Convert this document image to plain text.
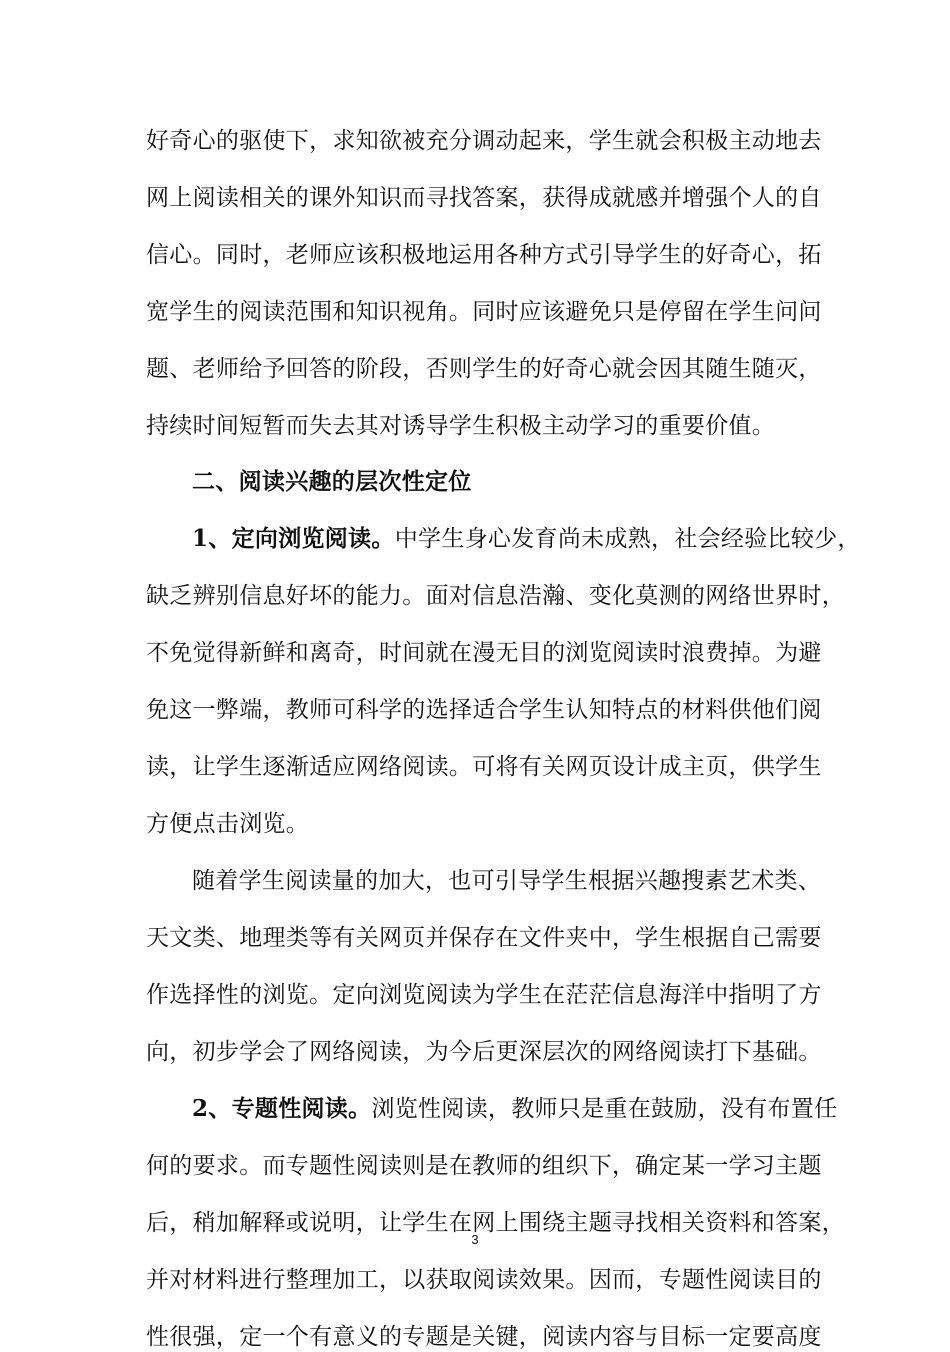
好奇心的驱使下，求知欲被充分调动起来，学生就会积极主动地去
网上阅读相关的课外知识而寻找答案，获得成就感并增强个人的自
信心。同时，老师应该积极地运用各种方式引导学生的好奇心，拓
宽学生的阅读范围和知识视角。同时应该避免只是停留在学生问问
题、老师给予回答的阶段，否则学生的好奇心就会因其随生随灭，
持续时间短暂而失去其对诱导学生积极主动学习的重要价值。
二、阅读兴趣的层次性定位
1、定向浏览阅读。中学生身心发育尚未成熟，社会经验比较少，
缺乏辨别信息好坏的能力。面对信息浩瀚、变化莫测的网络世界时，
不免觉得新鲜和离奇，时间就在漫无目的浏览阅读时浪费掉。为避
免这一弊端，教师可科学的选择适合学生认知特点的材料供他们阅
读，让学生逐渐适应网络阅读。可将有关网页设计成主页，供学生
方便点击浏览。
随着学生阅读量的加大，也可引导学生根据兴趣搜素艺术类、
天文类、地理类等有关网页并保存在文件夹中，学生根据自己需要
作选择性的浏览。定向浏览阅读为学生在茫茫信息海洋中指明了方
向，初步学会了网络阅读，为今后更深层次的网络阅读打下基础。
2、专题性阅读。浏览性阅读，教师只是重在鼓励，没有布置任
何的要求。而专题性阅读则是在教师的组织下，确定某一学习主题
后，稍加解释或说明，让学生在网上围绕主题寻找相关资料和答案，
并对材料进行整理加工，以获取阅读效果。因而，专题性阅读目的
性很强，定一个有意义的专题是关键，阅读内容与目标一定要高度
3
